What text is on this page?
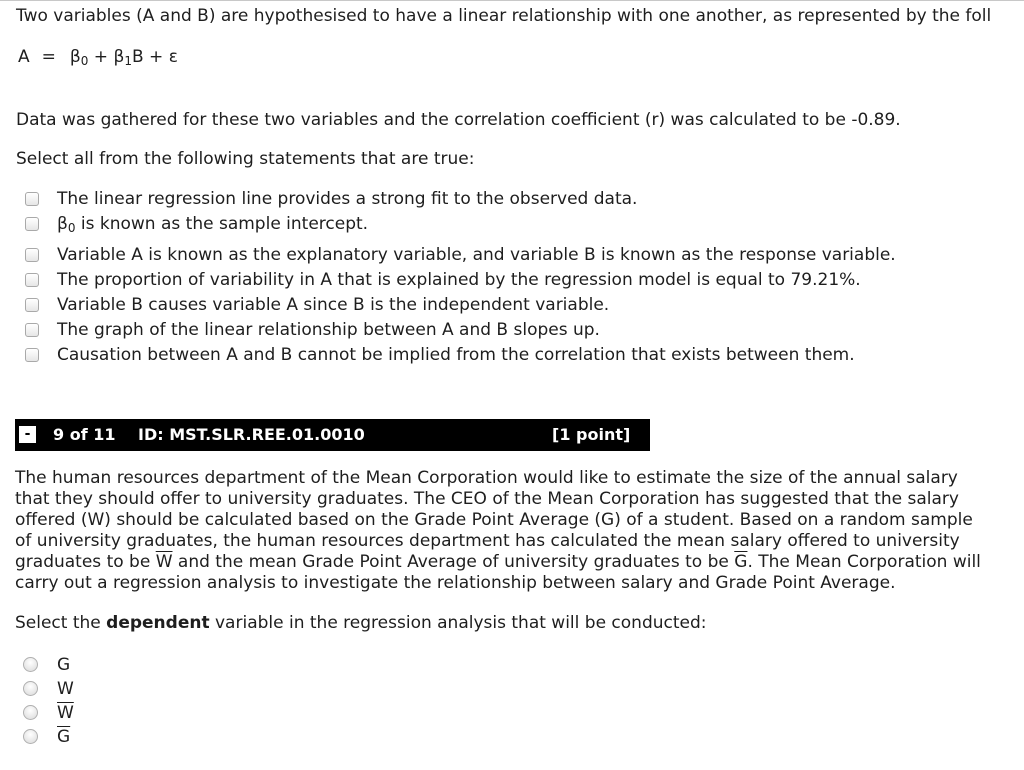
Two variables (A and B) are hypothesised to have a linear relationship with one another, as represented by the foll
$A = \beta_0 + \beta_1B + \varepsilon$
Data was gathered for these two variables and the correlation coefficient (r) was calculated to be -0.89.
Select all from the following statements that are true:
The linear regression line provides a strong fit to the observed data.
$\beta_0$ is known as the sample intercept.
Variable A is known as the explanatory variable, and variable B is known as the response variable.
The proportion of variability in A that is explained by the regression model is equal to 79.21%.
Variable B causes variable A since B is the independent variable.
The graph of the linear relationship between A and B slopes up.
Causation between A and B cannot be implied from the correlation that exists between them.
-	9 of 11 ID: MST.SLR.REE.01.0010	[1 point]

The human resources department of the Mean Corporation would like to estimate the size of the annual salary

that they should offer to university graduates. The CEO of the Mean Corporation has suggested that the salary

offered (W) should be calculated based on the Grade Point Average (G) of a student. Based on a random sample

of university graduates, the human resources department has calculated the mean salary offered to university

graduates to be $\overline{W}$ and the mean Grade Point Average of university graduates to be $\overline{G}$. The Mean Corporation will

carry out a regression analysis to investigate the relationship between salary and Grade Point Average.

Select the dependent variable in the regression analysis that will be conducted:
G
W
$\overline{W}$
$\overline{G}$
